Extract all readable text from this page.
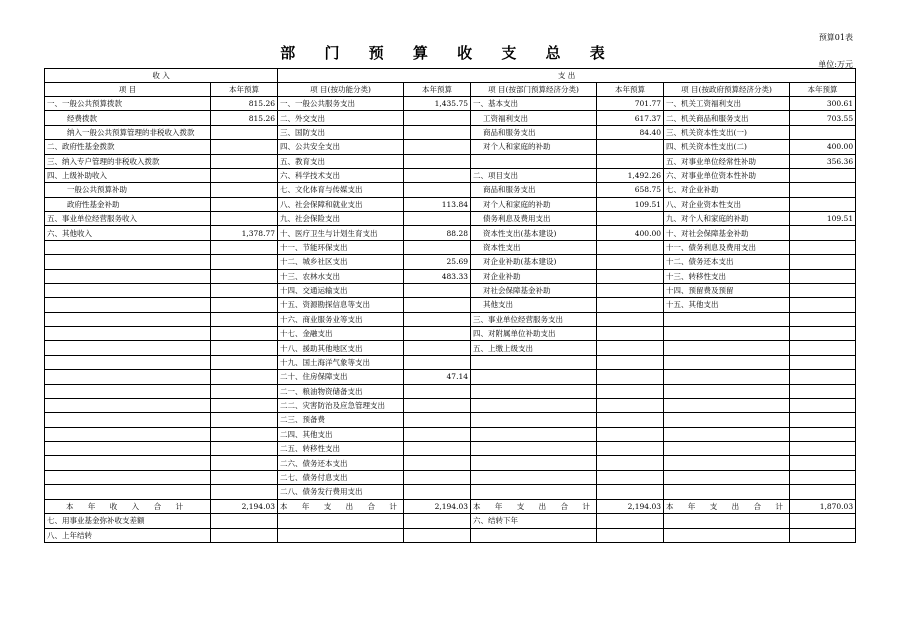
预算01表
部 门 预 算 收 支 总 表
单位:万元
收 入		支 出					
项 目	本年预算	项 目(按功能分类)	本年预算	项 目(按部门预算经济分类)	本年预算	项 目(按政府预算经济分类)	本年预算
一、一般公共预算拨款	815.26	一、一般公共服务支出	1,435.75	一、基本支出	701.77	一、机关工资福利支出	300.61
经费拨款	815.26	二、外交支出		工资福利支出	617.37	二、机关商品和服务支出	703.55
纳入一般公共预算管理的非税收入拨款		三、国防支出		商品和服务支出	84.40	三、机关资本性支出(一)	
二、政府性基金拨款		四、公共安全支出		对个人和家庭的补助		四、机关资本性支出(二)	400.00
三、纳入专户管理的非税收入拨款		五、教育支出				五、对事业单位经常性补助	356.36
四、上级补助收入		六、科学技术支出		二、项目支出	1,492.26	六、对事业单位资本性补助	
一般公共预算补助		七、文化体育与传媒支出		商品和服务支出	658.75	七、对企业补助	
政府性基金补助		八、社会保障和就业支出	113.84	对个人和家庭的补助	109.51	八、对企业资本性支出	
五、事业单位经营服务收入		九、社会保险支出		债务利息及费用支出		九、对个人和家庭的补助	109.51
六、其他收入	1,378.77	十、医疗卫生与计划生育支出	88.28	资本性支出(基本建设)	400.00	十、对社会保障基金补助	
		十一、节能环保支出		资本性支出		十一、债务利息及费用支出	
		十二、城乡社区支出	25.69	对企业补助(基本建设)		十二、债务还本支出	
		十三、农林水支出	483.33	对企业补助		十三、转移性支出	
		十四、交通运输支出		对社会保障基金补助		十四、预留费及预留	
		十五、资源勘探信息等支出		其他支出		十五、其他支出	
		十六、商业服务业等支出		三、事业单位经营服务支出			
		十七、金融支出		四、对附属单位补助支出			
		十八、援助其他地区支出		五、上缴上级支出			
		十九、国土海洋气象等支出					
		二十、住房保障支出	47.14				
		二一、粮油物资储备支出					
		二二、灾害防治及应急管理支出					
		二三、预备费					
		二四、其他支出					
		二五、转移性支出					
		二六、债务还本支出					
		二七、债务付息支出					
		二八、债务发行费用支出					
本 年 收 入 合 计	2,194.03	本 年 支 出 合 计	2,194.03	本 年 支 出 合 计	2,194.03	本 年 支 出 合 计	1,870.03
七、用事业基金弥补收支差额				六、结转下年			
八、上年结转							
